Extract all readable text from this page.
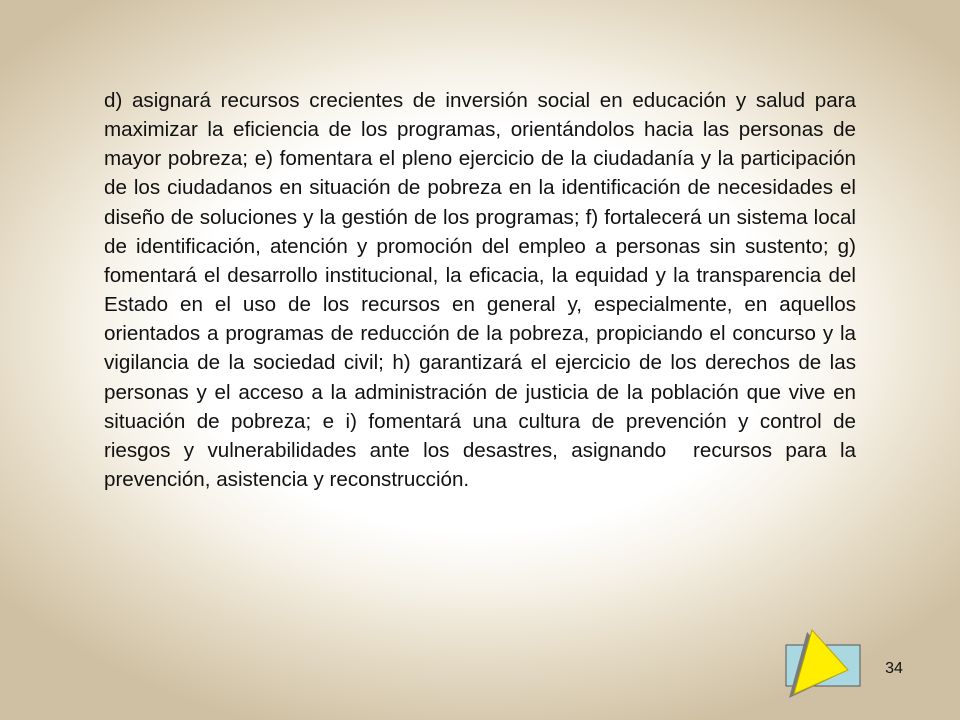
d) asignará recursos crecientes de inversión social en educación y salud para maximizar la eficiencia de los programas, orientándolos hacia las personas de mayor pobreza; e) fomentara el pleno ejercicio de la ciudadanía y la participación de los ciudadanos en situación de pobreza en la identificación de necesidades el diseño de soluciones y la gestión de los programas; f) fortalecerá un sistema local de identificación, atención y promoción del empleo a personas sin sustento; g) fomentará el desarrollo institucional, la eficacia, la equidad y la transparencia del Estado en el uso de los recursos en general y, especialmente, en aquellos orientados a programas de reducción de la pobreza, propiciando el concurso y la vigilancia de la sociedad civil; h) garantizará el ejercicio de los derechos de las personas y el acceso a la administración de justicia de la población que vive en situación de pobreza; e i) fomentará una cultura de prevención y control de riesgos y vulnerabilidades ante los desastres, asignando  recursos para la prevención, asistencia y reconstrucción.

34
